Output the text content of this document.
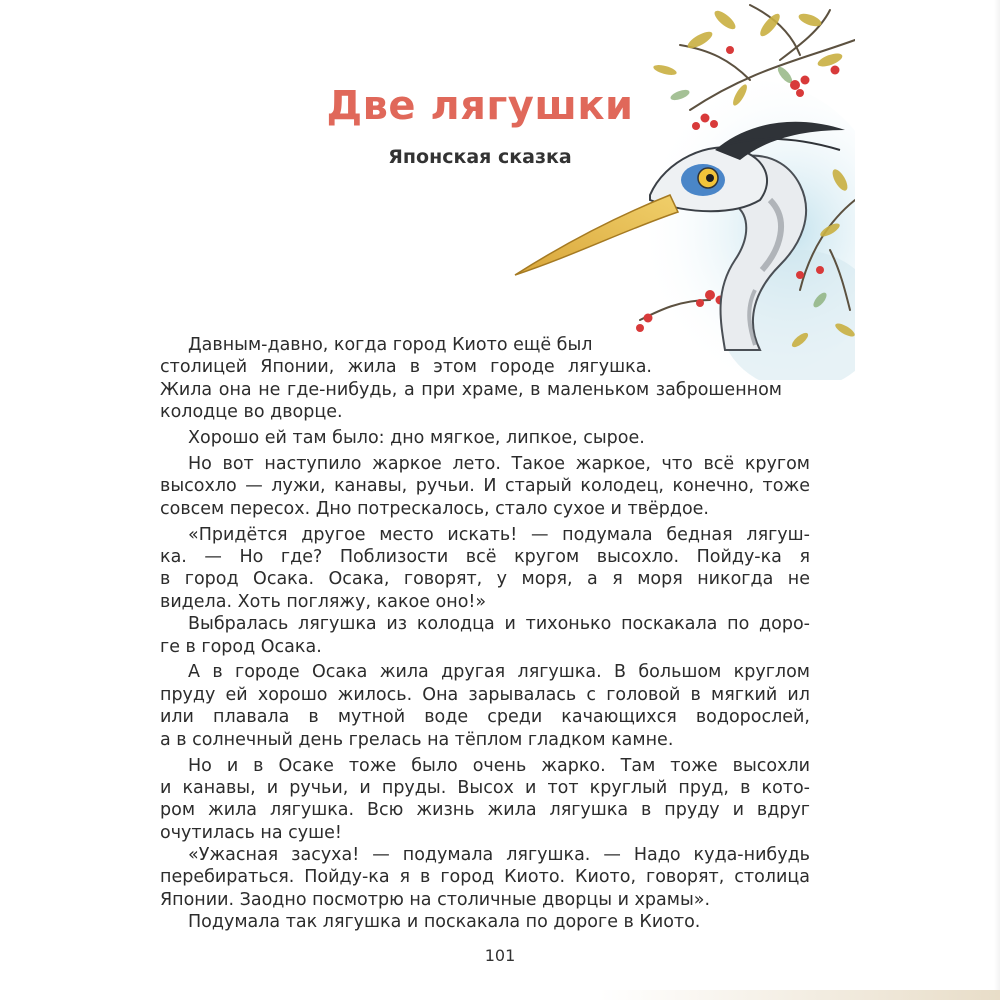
Две лягушки
Японская сказка
Давным-давно, когда город Киото ещё был
столицей Японии, жила в этом городе лягушка.
Жила она не где-нибудь, а при храме, в маленьком заброшенном
колодце во дворце.
Хорошо ей там было: дно мягкое, липкое, сырое.
Но вот наступило жаркое лето. Такое жаркое, что всё кругом
высохло — лужи, канавы, ручьи. И старый колодец, конечно, тоже
совсем пересох. Дно потрескалось, стало сухое и твёрдое.
«Придётся другое место искать! — подумала бедная лягуш-
ка. — Но где? Поблизости всё кругом высохло. Пойду-ка я
в город Осака. Осака, говорят, у моря, а я моря никогда не
видела. Хоть погляжу, какое оно!»
Выбралась лягушка из колодца и тихонько поскакала по доро-
ге в город Осака.
А в городе Осака жила другая лягушка. В большом круглом
пруду ей хорошо жилось. Она зарывалась с головой в мягкий ил
или плавала в мутной воде среди качающихся водорослей,
а в солнечный день грелась на тёплом гладком камне.
Но и в Осаке тоже было очень жарко. Там тоже высохли
и канавы, и ручьи, и пруды. Высох и тот круглый пруд, в кото-
ром жила лягушка. Всю жизнь жила лягушка в пруду и вдруг
очутилась на суше!
«Ужасная засуха! — подумала лягушка. — Надо куда-нибудь
перебираться. Пойду-ка я в город Киото. Киото, говорят, столица
Японии. Заодно посмотрю на столичные дворцы и храмы».
Подумала так лягушка и поскакала по дороге в Киото.
101
